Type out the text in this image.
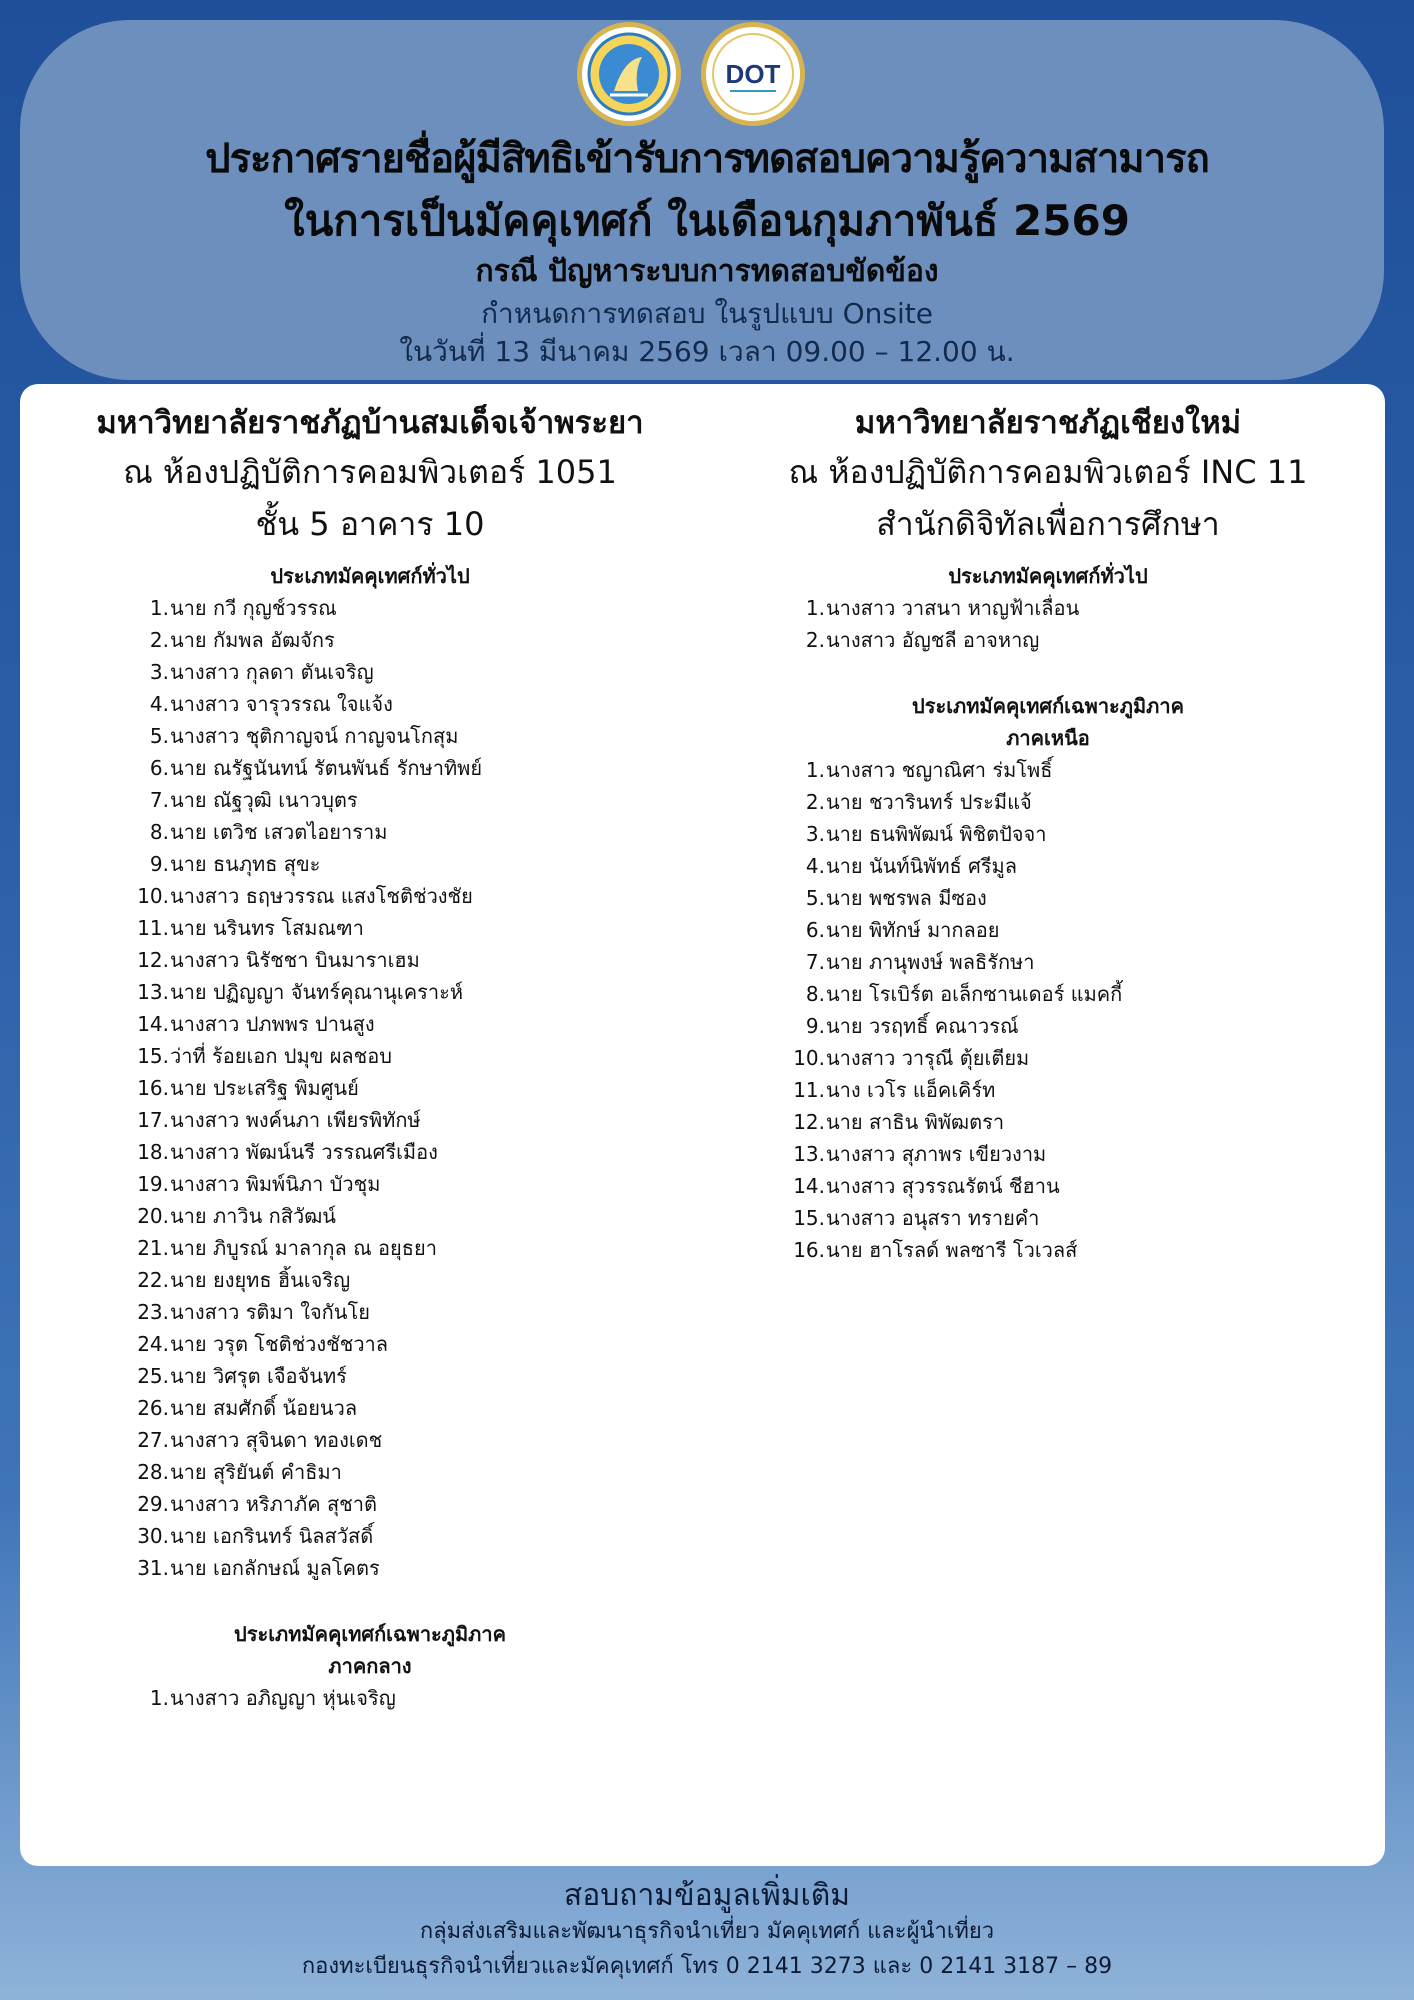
DOT
ประกาศรายชื่อผู้มีสิทธิเข้ารับการทดสอบความรู้ความสามารถ
ในการเป็นมัคคุเทศก์ ในเดือนกุมภาพันธ์ 2569
กรณี ปัญหาระบบการทดสอบขัดข้อง
กำหนดการทดสอบ ในรูปแบบ Onsite
ในวันที่ 13 มีนาคม 2569 เวลา 09.00 – 12.00 น.
มหาวิทยาลัยราชภัฏบ้านสมเด็จเจ้าพระยา
ณ ห้องปฏิบัติการคอมพิวเตอร์ 1051
ชั้น 5 อาคาร 10
ประเภทมัคคุเทศก์ทั่วไป
1. นาย กวี กุญช์วรรณ
2. นาย กัมพล อัฒจักร
3. นางสาว กุลดา ตันเจริญ
4. นางสาว จารุวรรณ ใจแจ้ง
5. นางสาว ชุติกาญจน์ กาญจนโกสุม
6. นาย ณรัฐนันทน์ รัตนพันธ์ รักษาทิพย์
7. นาย ณัฐวุฒิ เนาวบุตร
8. นาย เตวิช เสวตไอยาราม
9. นาย ธนภุทธ สุขะ
10. นางสาว ธฤษวรรณ แสงโชติช่วงชัย
11. นาย นรินทร โสมณฑา
12. นางสาว นิรัชชา บินมาราเฮม
13. นาย ปฏิญญา จันทร์คุณานุเคราะห์
14. นางสาว ปภพพร ปานสูง
15. ว่าที่ ร้อยเอก ปมุข ผลชอบ
16. นาย ประเสริฐ พิมศูนย์
17. นางสาว พงค์นภา เพียรพิทักษ์
18. นางสาว พัฒน์นรี วรรณศรีเมือง
19. นางสาว พิมพ์นิภา บัวชุม
20. นาย ภาวิน กสิวัฒน์
21. นาย ภิบูรณ์ มาลากุล ณ อยุธยา
22. นาย ยงยุทธ ฮิ้นเจริญ
23. นางสาว รติมา ใจกันโย
24. นาย วรุต โชติช่วงชัชวาล
25. นาย วิศรุต เจือจันทร์
26. นาย สมศักดิ์ น้อยนวล
27. นางสาว สุจินดา ทองเดช
28. นาย สุริยันต์ คำธิมา
29. นางสาว หริภาภัค สุชาติ
30. นาย เอกรินทร์ นิลสวัสดิ์
31. นาย เอกลักษณ์ มูลโคตร
ประเภทมัคคุเทศก์เฉพาะภูมิภาค
ภาคกลาง
1. นางสาว อภิญญา หุ่นเจริญ
มหาวิทยาลัยราชภัฏเชียงใหม่
ณ ห้องปฏิบัติการคอมพิวเตอร์ INC 11
สำนักดิจิทัลเพื่อการศึกษา
ประเภทมัคคุเทศก์ทั่วไป
1. นางสาว วาสนา หาญฟ้าเลื่อน
2. นางสาว อัญชลี อาจหาญ
ประเภทมัคคุเทศก์เฉพาะภูมิภาค
ภาคเหนือ
1. นางสาว ชญาณิศา ร่มโพธิ์
2. นาย ชวารินทร์ ประมีแจ้
3. นาย ธนพิพัฒน์ พิชิตปัจจา
4. นาย นันท์นิพัทธ์ ศรีมูล
5. นาย พชรพล มีซอง
6. นาย พิทักษ์ มากลอย
7. นาย ภานุพงษ์ พลธิรักษา
8. นาย โรเบิร์ต อเล็กซานเดอร์ แมคกี้
9. นาย วรฤทธิ์ คณาวรณ์
10. นางสาว วารุณี ตุ้ยเตียม
11. นาง เวโร แอ็คเคิร์ท
12. นาย สาธิน พิพัฒตรา
13. นางสาว สุภาพร เขียวงาม
14. นางสาว สุวรรณรัตน์ ชีฮาน
15. นางสาว อนุสรา ทรายคำ
16. นาย ฮาโรลด์ พลซารี โวเวลส์
สอบถามข้อมูลเพิ่มเติม
กลุ่มส่งเสริมและพัฒนาธุรกิจนำเที่ยว มัคคุเทศก์ และผู้นำเที่ยว
กองทะเบียนธุรกิจนำเที่ยวและมัคคุเทศก์ โทร 0 2141 3273 และ 0 2141 3187 – 89
